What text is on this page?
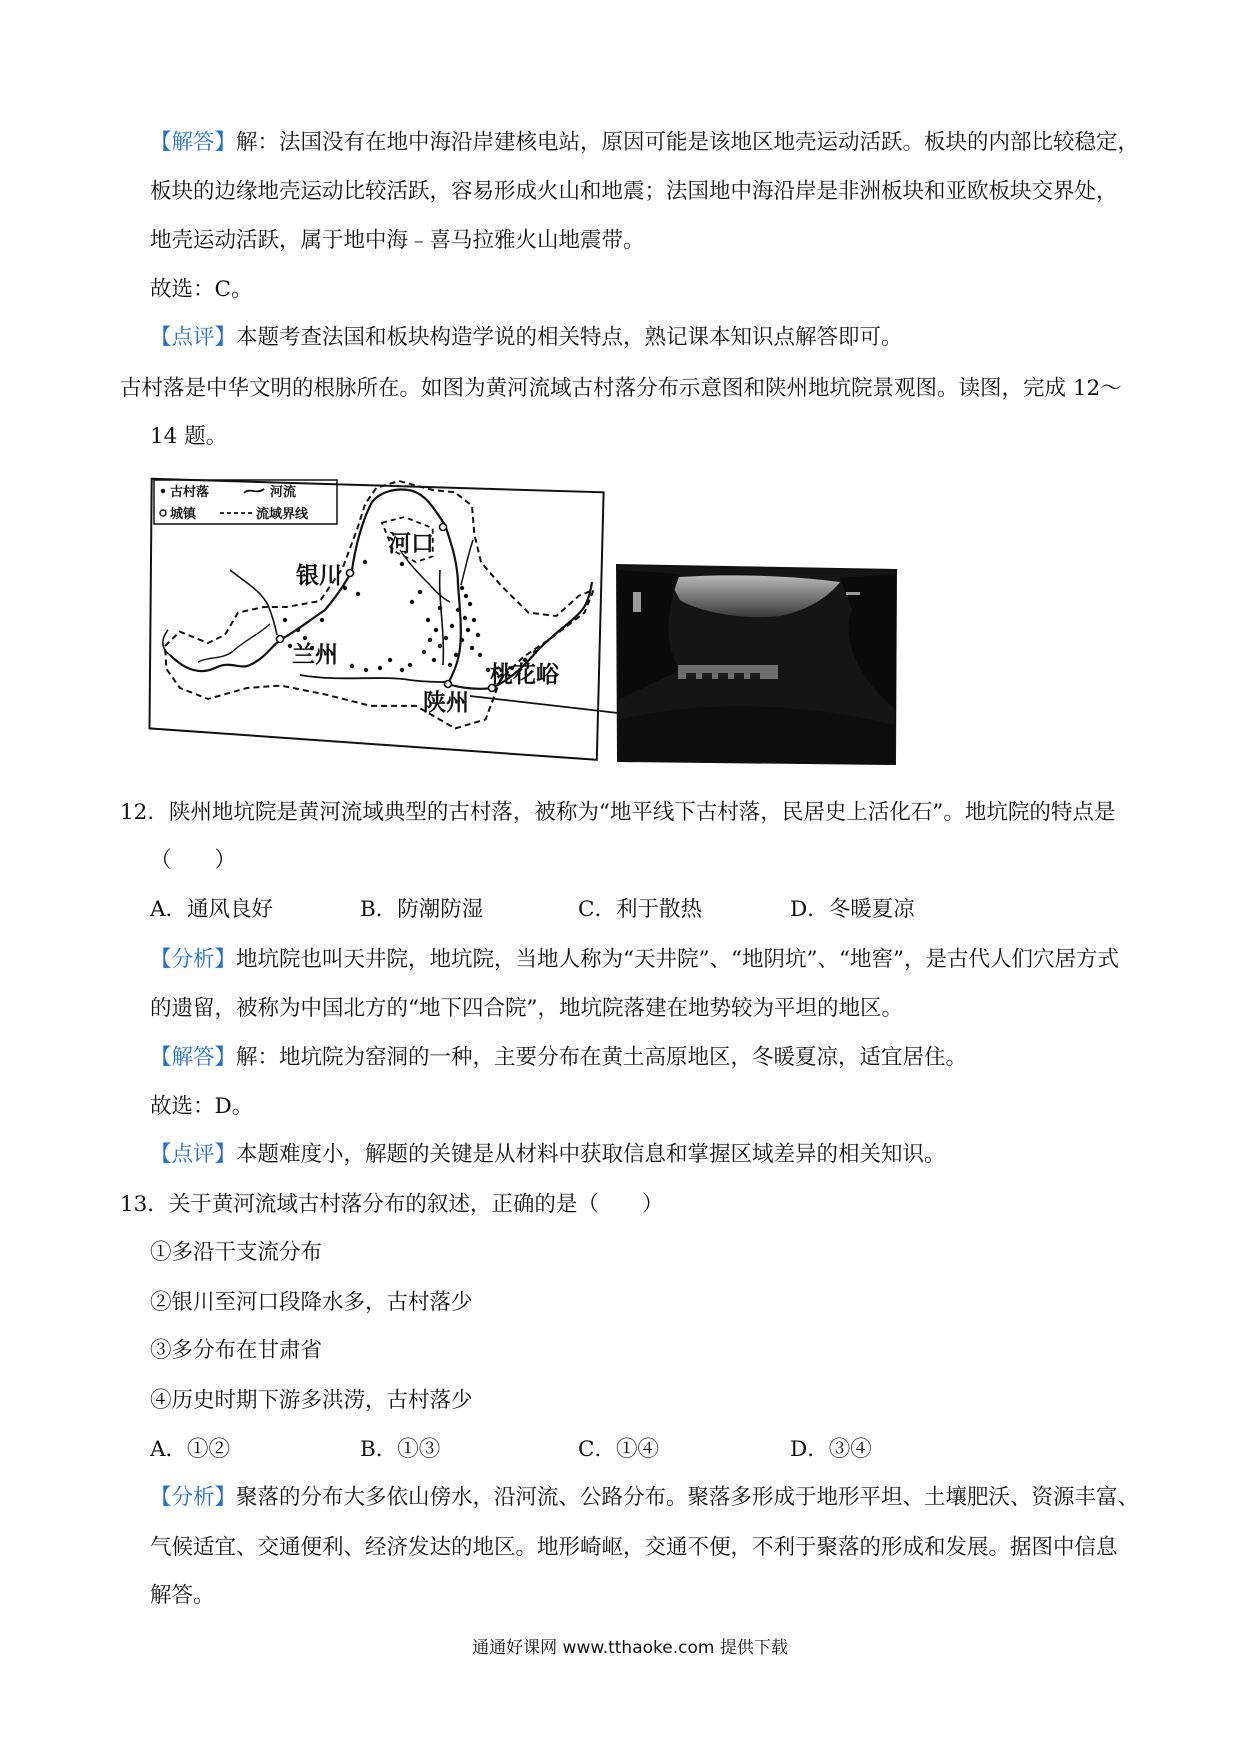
【解答】解：法国没有在地中海沿岸建核电站，原因可能是该地区地壳运动活跃。板块的内部比较稳定，
板块的边缘地壳运动比较活跃，容易形成火山和地震；法国地中海沿岸是非洲板块和亚欧板块交界处，
地壳运动活跃，属于地中海﹣喜马拉雅火山地震带。
故选：C。
【点评】本题考查法国和板块构造学说的相关特点，熟记课本知识点解答即可。
古村落是中华文明的根脉所在。如图为黄河流域古村落分布示意图和陕州地坑院景观图。读图，完成 12～
14 题。
古村落	河流
城镇	流域界线
银川
河口
兰州
陕州
桃花峪
12．陕州地坑院是黄河流域典型的古村落，被称为“地平线下古村落，民居史上活化石”。地坑院的特点是
（　　）
A．通风良好	B．防潮防湿	C．利于散热	D．冬暖夏凉
【分析】地坑院也叫天井院，地坑院，当地人称为“天井院”、“地阴坑”、“地窖”，是古代人们穴居方式
的遗留，被称为中国北方的“地下四合院”，地坑院落建在地势较为平坦的地区。
【解答】解：地坑院为窑洞的一种，主要分布在黄土高原地区，冬暖夏凉，适宜居住。
故选：D。
【点评】本题难度小，解题的关键是从材料中获取信息和掌握区域差异的相关知识。
13．关于黄河流域古村落分布的叙述，正确的是（　　）
①多沿干支流分布
②银川至河口段降水多，古村落少
③多分布在甘肃省
④历史时期下游多洪涝，古村落少
A．①②	B．①③	C．①④	D．③④
【分析】聚落的分布大多依山傍水，沿河流、公路分布。聚落多形成于地形平坦、土壤肥沃、资源丰富、
气候适宜、交通便利、经济发达的地区。地形崎岖，交通不便，不利于聚落的形成和发展。据图中信息
解答。
通通好课网 www.tthaoke.com 提供下载
